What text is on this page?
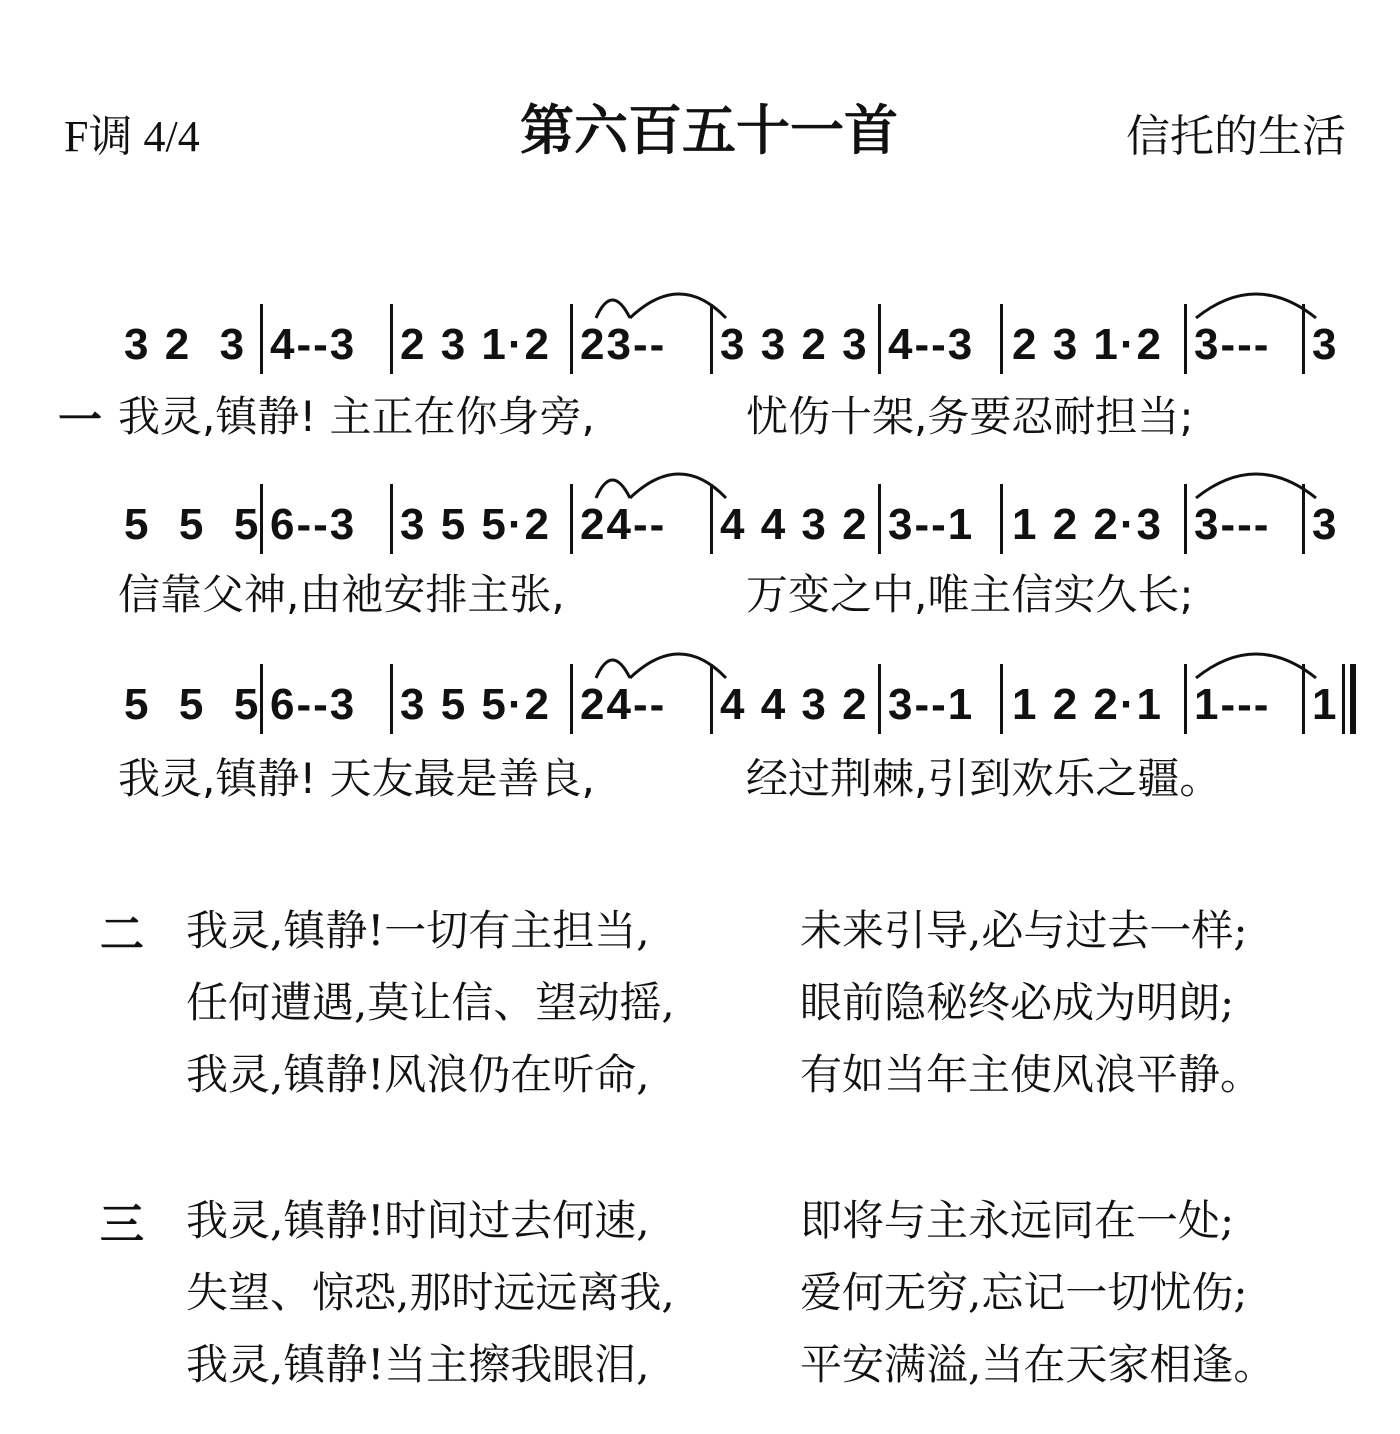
F调 4/4	第六百五十一首	信托的生活
3 2  3 4--3 2 3 1·2 23-- 3 3 2 3 4--3 2 3 1·2 3--- 3
一 我灵,镇静! 主正在你身旁,	忧伤十架,务要忍耐担当;
5  5  5 6--3 3 5 5·2 24-- 4 4 3 2 3--1 1 2 2·3 3--- 3
信靠父神,由祂安排主张,	万变之中,唯主信实久长;
5  5  5 6--3 3 5 5·2 24-- 4 4 3 2 3--1 1 2 2·1 1--- 1
我灵,镇静! 天友最是善良,	经过荆棘,引到欢乐之疆。
二 我灵,镇静!一切有主担当,	未来引导,必与过去一样;
任何遭遇,莫让信、望动摇,	眼前隐秘终必成为明朗;
我灵,镇静!风浪仍在听命,	有如当年主使风浪平静。
三 我灵,镇静!时间过去何速,	即将与主永远同在一处;
失望、惊恐,那时远远离我,	爱何无穷,忘记一切忧伤;
我灵,镇静!当主擦我眼泪,	平安满溢,当在天家相逢。
